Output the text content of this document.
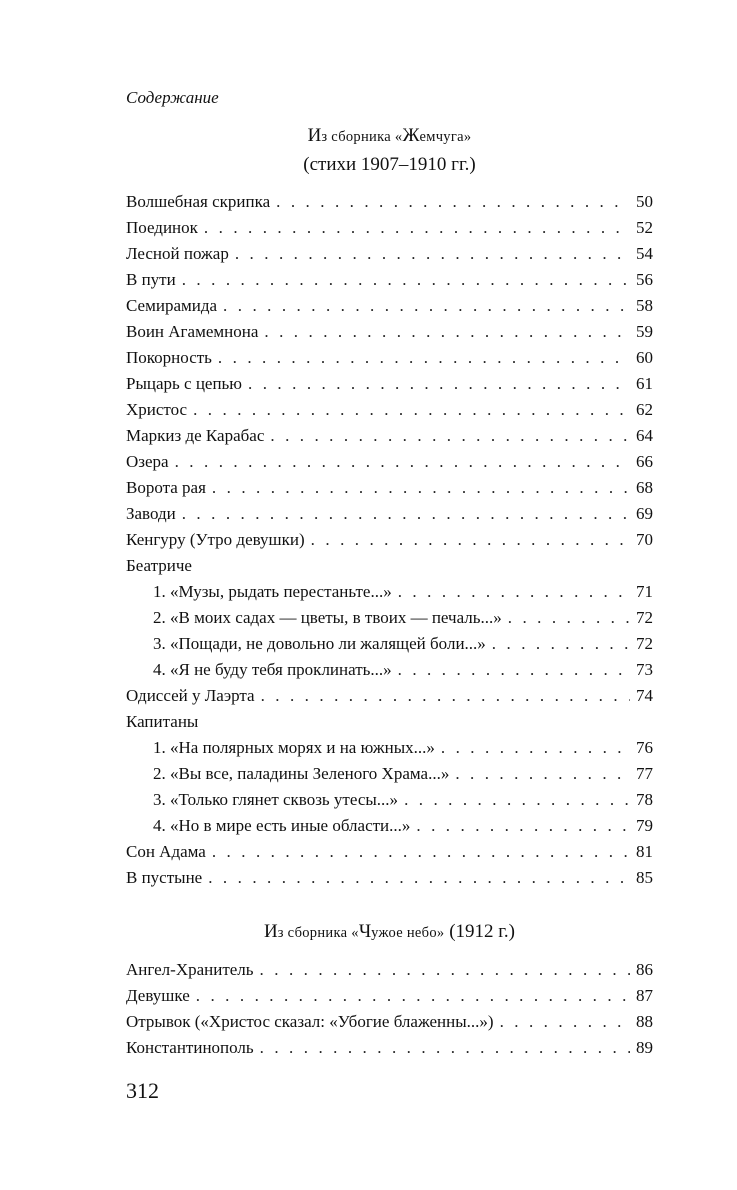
Содержание
Из сборника «Жемчуга»
(стихи 1907–1910 гг.)
Волшебная скрипка . . .	50
Поединок . . .	52
Лесной пожар . . .	54
В пути . . .	56
Семирамида . . .	58
Воин Агамемнона . . .	59
Покорность . . .	60
Рыцарь с цепью . . .	61
Христос . . .	62
Маркиз де Карабас . . .	64
Озера . . .	66
Ворота рая . . .	68
Заводи . . .	69
Кенгуру (Утро девушки) . . .	70
Беатриче
1. «Музы, рыдать перестаньте...» . . .	71
2. «В моих садах — цветы, в твоих — печаль...» . . .	72
3. «Пощади, не довольно ли жалящей боли...» . . .	72
4. «Я не буду тебя проклинать...» . . .	73
Одиссей у Лаэрта . . .	74
Капитаны
1. «На полярных морях и на южных...» . . .	76
2. «Вы все, паладины Зеленого Храма...» . . .	77
3. «Только глянет сквозь утесы...» . . .	78
4. «Но в мире есть иные области...» . . .	79
Сон Адама . . .	81
В пустыне . . .	85
Из сборника «Чужое небо» (1912 г.)
Ангел-Хранитель . . .	86
Девушке . . .	87
Отрывок («Христос сказал: «Убогие блаженны...») . . .	88
Константинополь . . .	89
312
